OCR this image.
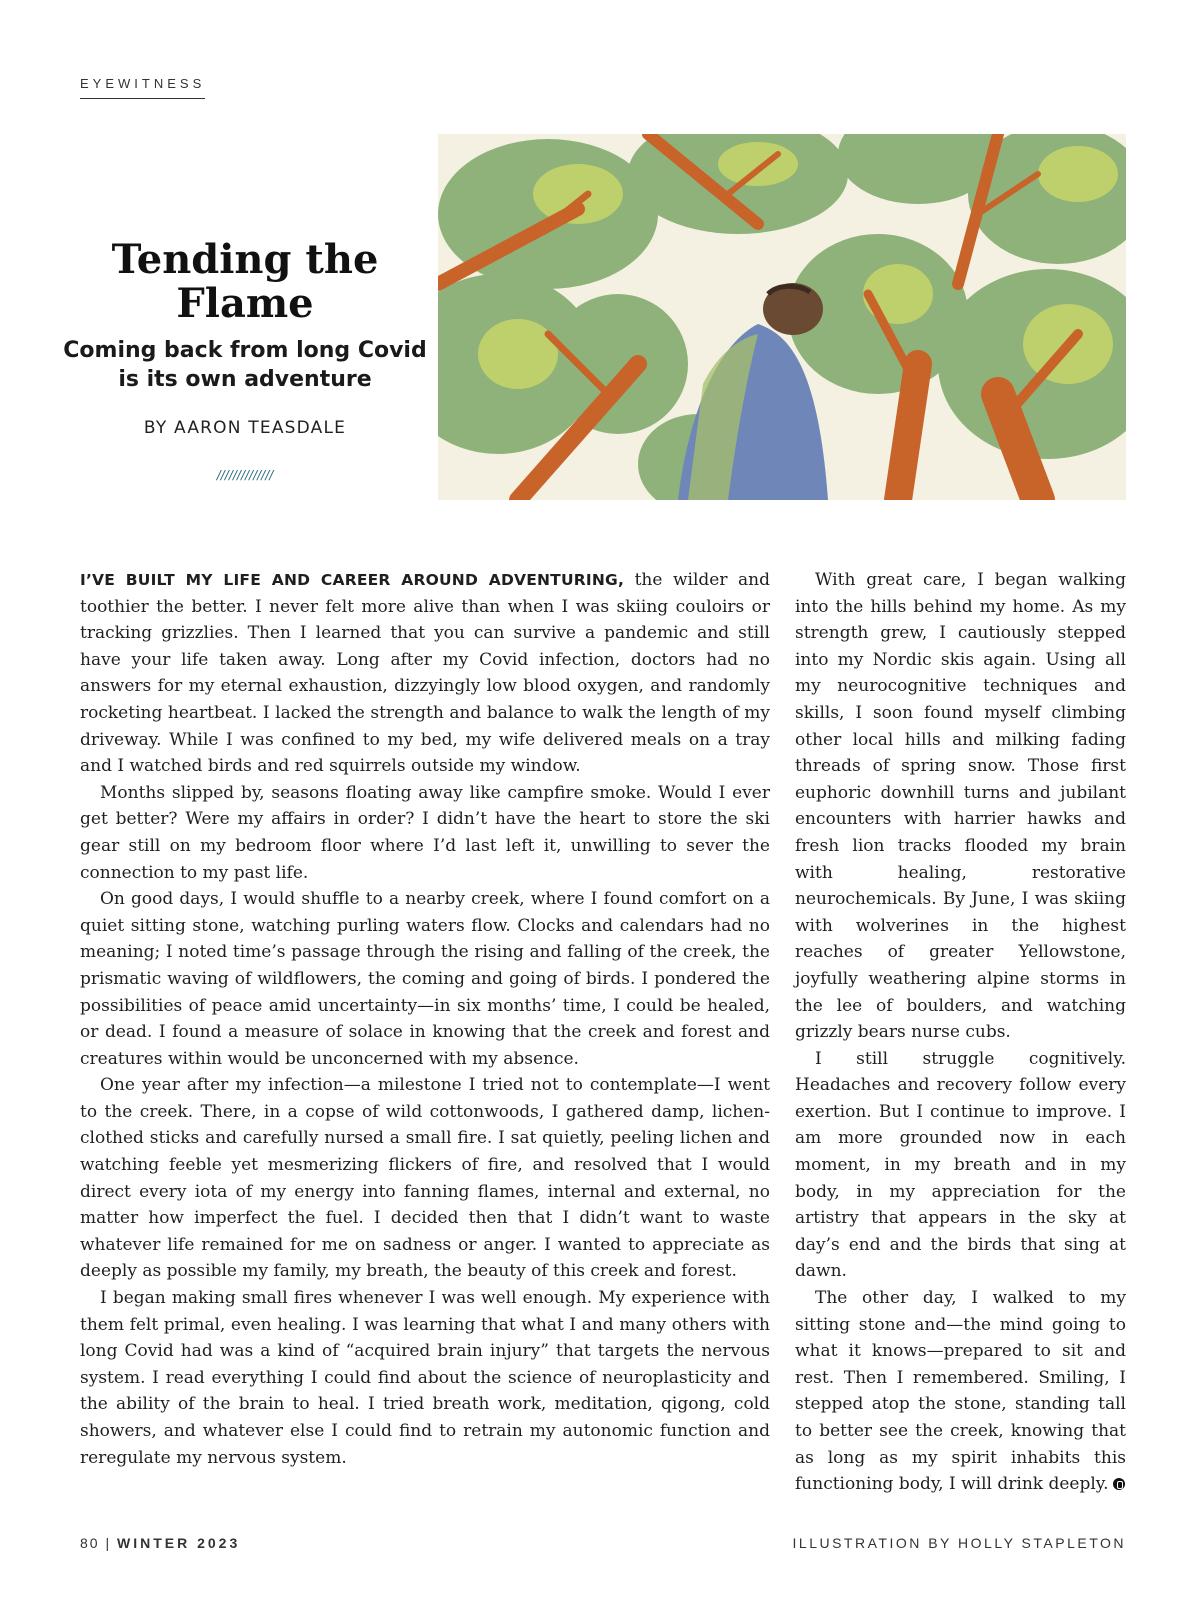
EYEWITNESS
Tending the Flame
Coming back from long Covid is its own adventure
BY AARON TEASDALE
//////////////

I’VE BUILT MY LIFE AND CAREER AROUND ADVENTURING, the wilder and toothier the better. I never felt more alive than when I was skiing couloirs or tracking grizzlies. Then I learned that you can survive a pandemic and still have your life taken away. Long after my Covid infection, doctors had no answers for my eternal exhaustion, dizzyingly low blood oxygen, and randomly rocketing heartbeat. I lacked the strength and balance to walk the length of my driveway. While I was confined to my bed, my wife delivered meals on a tray and I watched birds and red squirrels outside my window.

Months slipped by, seasons floating away like campfire smoke. Would I ever get better? Were my affairs in order? I didn’t have the heart to store the ski gear still on my bedroom floor where I’d last left it, unwilling to sever the connection to my past life.

On good days, I would shuffle to a nearby creek, where I found comfort on a quiet sitting stone, watching purling waters flow. Clocks and calendars had no meaning; I noted time’s passage through the rising and falling of the creek, the prismatic waving of wildflowers, the coming and going of birds. I pondered the possibilities of peace amid uncertainty—in six months’ time, I could be healed, or dead. I found a measure of solace in knowing that the creek and forest and creatures within would be unconcerned with my absence.

One year after my infection—a milestone I tried not to contemplate—I went to the creek. There, in a copse of wild cottonwoods, I gathered damp, lichen-clothed sticks and carefully nursed a small fire. I sat quietly, peeling lichen and watching feeble yet mesmerizing flickers of fire, and resolved that I would direct every iota of my energy into fanning flames, internal and external, no matter how imperfect the fuel. I decided then that I didn’t want to waste whatever life remained for me on sadness or anger. I wanted to appreciate as deeply as possible my family, my breath, the beauty of this creek and forest.

I began making small fires whenever I was well enough. My experience with them felt primal, even healing. I was learning that what I and many others with long Covid had was a kind of “acquired brain injury” that targets the nervous system. I read everything I could find about the science of neuroplasticity and the ability of the brain to heal. I tried breath work, meditation, qigong, cold showers, and whatever else I could find to retrain my autonomic function and reregulate my nervous system.

With great care, I began walking into the hills behind my home. As my strength grew, I cautiously stepped into my Nordic skis again. Using all my neurocognitive techniques and skills, I soon found myself climbing other local hills and milking fading threads of spring snow. Those first euphoric downhill turns and jubilant encounters with harrier hawks and fresh lion tracks flooded my brain with healing, restorative neurochemicals. By June, I was skiing with wolverines in the highest reaches of greater Yellowstone, joyfully weathering alpine storms in the lee of boulders, and watching grizzly bears nurse cubs.

I still struggle cognitively. Headaches and recovery follow every exertion. But I continue to improve. I am more grounded now in each moment, in my breath and in my body, in my appreciation for the artistry that appears in the sky at day’s end and the birds that sing at dawn.

The other day, I walked to my sitting stone and—the mind going to what it knows—prepared to sit and rest. Then I remembered. Smiling, I stepped atop the stone, standing tall to better see the creek, knowing that as long as my spirit inhabits this functioning body, I will drink deeply.

80 | WINTER 2023	ILLUSTRATION BY HOLLY STAPLETON
